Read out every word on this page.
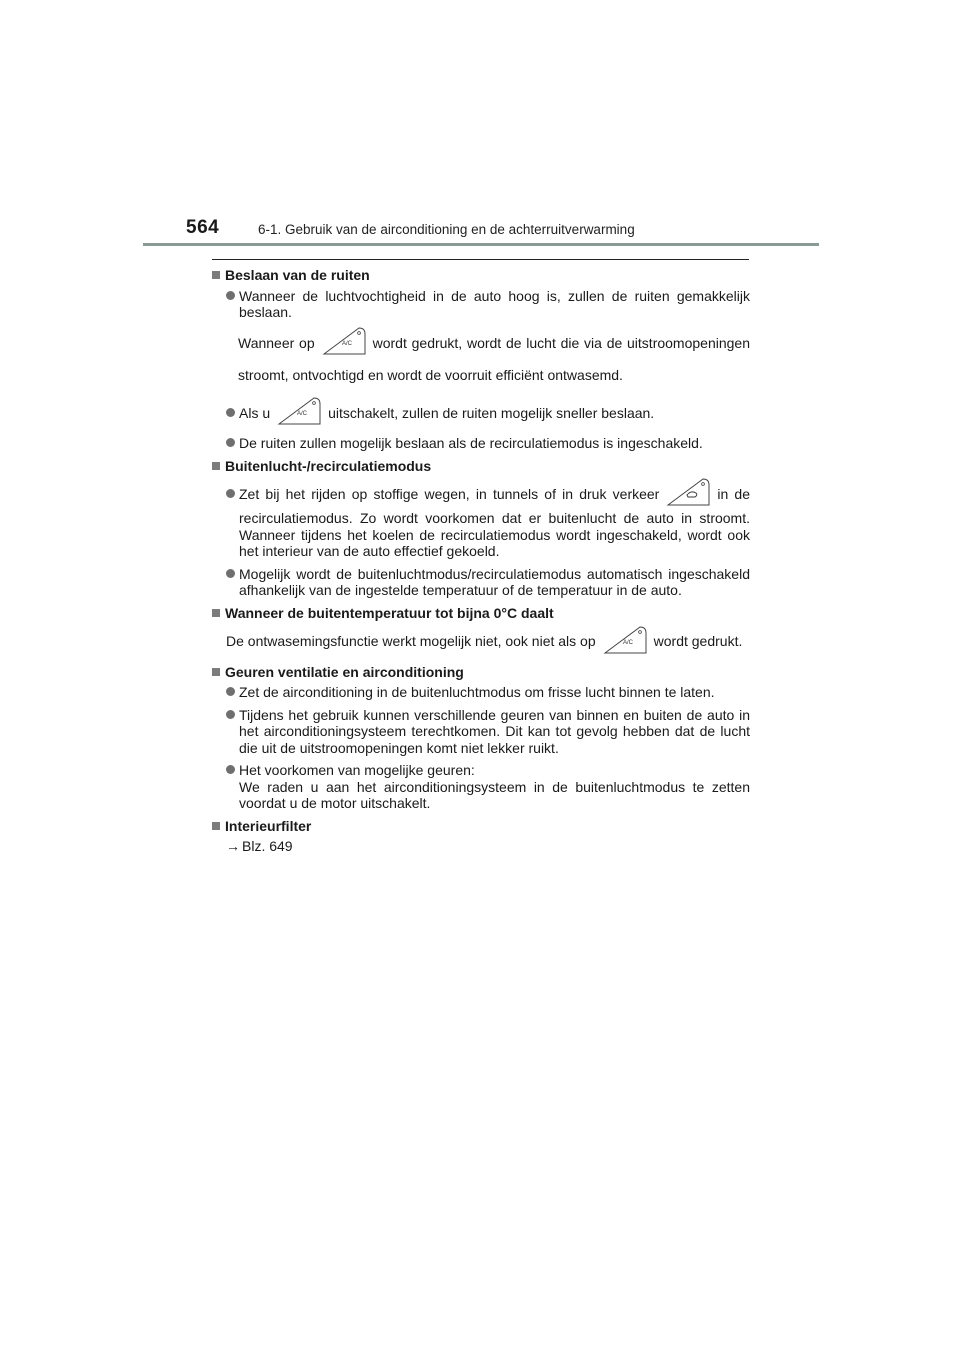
564	6-1. Gebruik van de airconditioning en de achterruitverwarming
Beslaan van de ruiten
Wanneer de luchtvochtigheid in de auto hoog is, zullen de ruiten gemakkelijk beslaan.
Wanneer op	A/C wordt gedrukt, wordt de lucht die via de uitstroomopeningen stroomt, ontvochtigd en wordt de voorruit efficiënt ontwasemd.
Als u	A/C uitschakelt, zullen de ruiten mogelijk sneller beslaan.
De ruiten zullen mogelijk beslaan als de recirculatiemodus is ingeschakeld.
Buitenlucht-/recirculatiemodus
Zet bij het rijden op stoffige wegen, in tunnels of in druk verkeer	in de recirculatiemodus. Zo wordt voorkomen dat er buitenlucht de auto in stroomt. Wanneer tijdens het koelen de recirculatiemodus wordt ingeschakeld, wordt ook het interieur van de auto effectief gekoeld.
Mogelijk wordt de buitenluchtmodus/recirculatiemodus automatisch ingeschakeld afhankelijk van de ingestelde temperatuur of de temperatuur in de auto.
Wanneer de buitentemperatuur tot bijna 0°C daalt
De ontwasemingsfunctie werkt mogelijk niet, ook niet als op	A/C wordt gedrukt.
Geuren ventilatie en airconditioning
Zet de airconditioning in de buitenluchtmodus om frisse lucht binnen te laten.
Tijdens het gebruik kunnen verschillende geuren van binnen en buiten de auto in het airconditioningsysteem terechtkomen. Dit kan tot gevolg hebben dat de lucht die uit de uitstroomopeningen komt niet lekker ruikt.
Het voorkomen van mogelijke geuren:
We raden u aan het airconditioningsysteem in de buitenluchtmodus te zetten voordat u de motor uitschakelt.
Interieurfilter
→ Blz. 649
